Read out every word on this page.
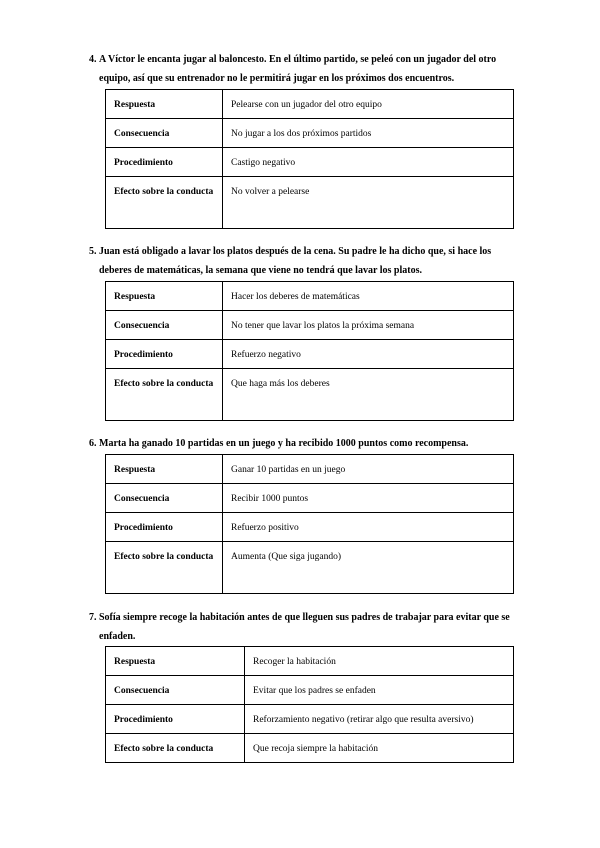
4. A Víctor le encanta jugar al baloncesto. En el último partido, se peleó con un jugador del otro equipo, así que su entrenador no le permitirá jugar en los próximos dos encuentros.
Respuesta	Pelearse con un jugador del otro equipo
Consecuencia	No jugar a los dos próximos partidos
Procedimiento	Castigo negativo
Efecto sobre la conducta	No volver a pelearse
5. Juan está obligado a lavar los platos después de la cena. Su padre le ha dicho que, si hace los deberes de matemáticas, la semana que viene no tendrá que lavar los platos.
Respuesta	Hacer los deberes de matemáticas
Consecuencia	No tener que lavar los platos la próxima semana
Procedimiento	Refuerzo negativo
Efecto sobre la conducta	Que haga más los deberes
6. Marta ha ganado 10 partidas en un juego y ha recibido 1000 puntos como recompensa.
Respuesta	Ganar 10 partidas en un juego
Consecuencia	Recibir 1000 puntos
Procedimiento	Refuerzo positivo
Efecto sobre la conducta	Aumenta (Que siga jugando)
7. Sofía siempre recoge la habitación antes de que lleguen sus padres de trabajar para evitar que se enfaden.
Respuesta	Recoger la habitación
Consecuencia	Evitar que los padres se enfaden
Procedimiento	Reforzamiento negativo (retirar algo que resulta aversivo)
Efecto sobre la conducta	Que recoja siempre la habitación
